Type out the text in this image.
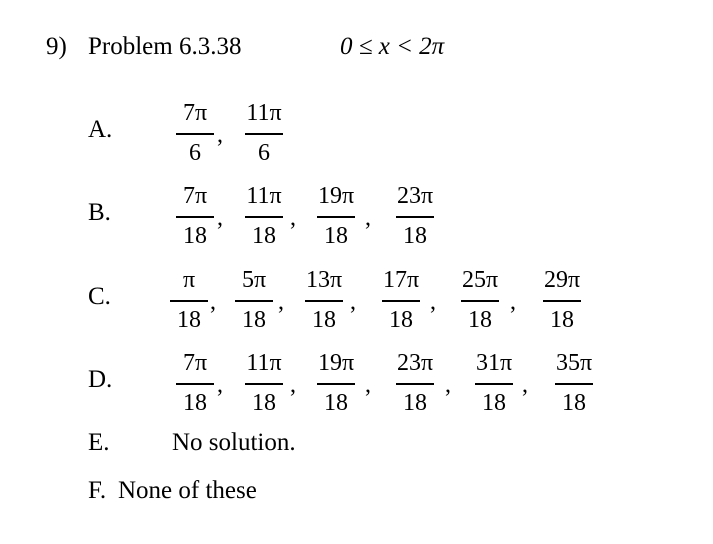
9) Problem 6.3.38	0 ≤ x < 2π
A.
7π
6
,
11π
6
B.
7π
18
,
11π
18
,
19π
18
,
23π
18
C.
π
18
,
5π
18
,
13π
18
,
17π
18
,
25π
18
,
29π
18
D.
7π
18
,
11π
18
,
19π
18
,
23π
18
,
31π
18
,
35π
18
E. No solution.
F. None of these
